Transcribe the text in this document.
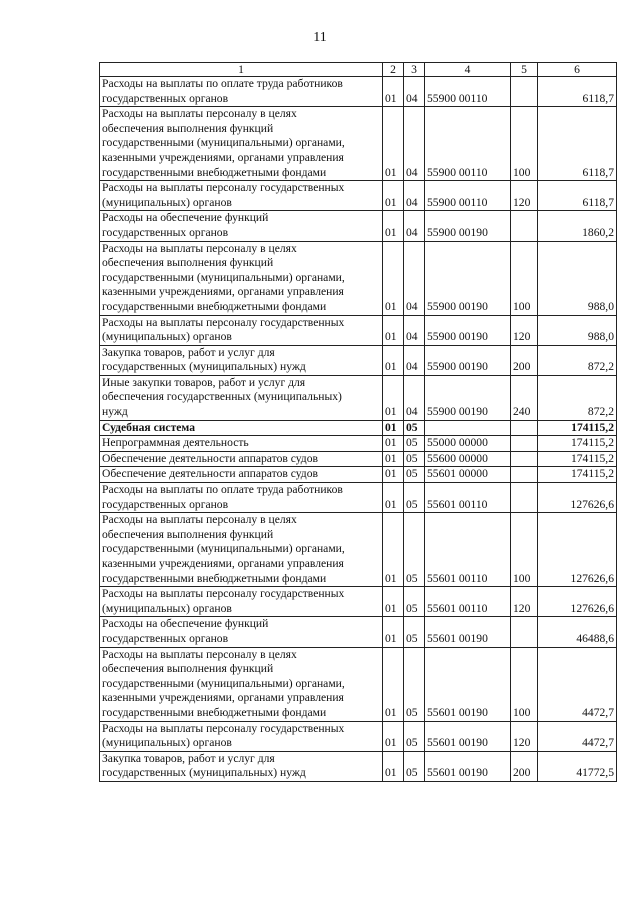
11
1	2	3	4	5	6

Расходы на выплаты по оплате труда работников
государственных органов	01	04	55900 00110		6118,7

Расходы на выплаты персоналу в целях
обеспечения выполнения функций
государственными (муниципальными) органами,
казенными учреждениями, органами управления
государственными внебюджетными фондами	01	04	55900 00110	100	6118,7

Расходы на выплаты персоналу государственных
(муниципальных) органов	01	04	55900 00110	120	6118,7

Расходы на обеспечение функций
государственных органов	01	04	55900 00190		1860,2

Расходы на выплаты персоналу в целях
обеспечения выполнения функций
государственными (муниципальными) органами,
казенными учреждениями, органами управления
государственными внебюджетными фондами	01	04	55900 00190	100	988,0

Расходы на выплаты персоналу государственных
(муниципальных) органов	01	04	55900 00190	120	988,0

Закупка товаров, работ и услуг для
государственных (муниципальных) нужд	01	04	55900 00190	200	872,2

Иные закупки товаров, работ и услуг для
обеспечения государственных (муниципальных)
нужд	01	04	55900 00190	240	872,2

Судебная система	01	05			174115,2

Непрограммная деятельность	01	05	55000 00000		174115,2

Обеспечение деятельности аппаратов судов	01	05	55600 00000		174115,2

Обеспечение деятельности аппаратов судов	01	05	55601 00000		174115,2

Расходы на выплаты по оплате труда работников
государственных органов	01	05	55601 00110		127626,6

Расходы на выплаты персоналу в целях
обеспечения выполнения функций
государственными (муниципальными) органами,
казенными учреждениями, органами управления
государственными внебюджетными фондами	01	05	55601 00110	100	127626,6

Расходы на выплаты персоналу государственных
(муниципальных) органов	01	05	55601 00110	120	127626,6

Расходы на обеспечение функций
государственных органов	01	05	55601 00190		46488,6

Расходы на выплаты персоналу в целях
обеспечения выполнения функций
государственными (муниципальными) органами,
казенными учреждениями, органами управления
государственными внебюджетными фондами	01	05	55601 00190	100	4472,7

Расходы на выплаты персоналу государственных
(муниципальных) органов	01	05	55601 00190	120	4472,7

Закупка товаров, работ и услуг для
государственных (муниципальных) нужд	01	05	55601 00190	200	41772,5
